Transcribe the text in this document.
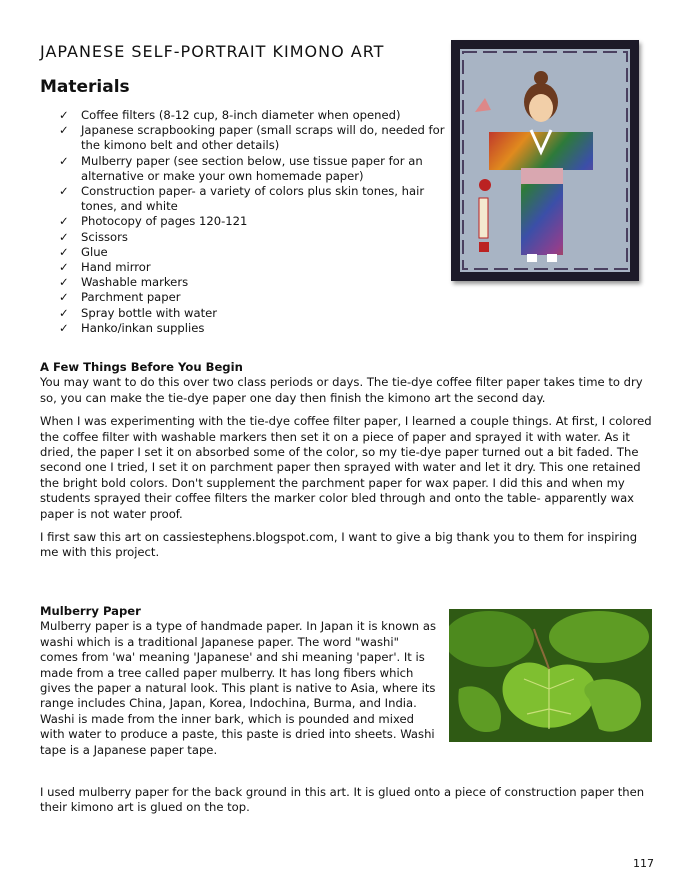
JAPANESE SELF-PORTRAIT KIMONO ART
Materials
✓ Coffee filters (8-12 cup, 8-inch diameter when opened)
✓ Japanese scrapbooking paper (small scraps will do, needed for the kimono belt and other details)
✓ Mulberry paper (see section below, use tissue paper for an alternative or make your own homemade paper)
✓ Construction paper- a variety of colors plus skin tones, hair tones, and white
✓ Photocopy of pages 120-121
✓ Scissors
✓ Glue
✓ Hand mirror
✓ Washable markers
✓ Parchment paper
✓ Spray bottle with water
✓ Hanko/inkan supplies
A Few Things Before You Begin

You may want to do this over two class periods or days. The tie-dye coffee filter paper takes time to dry so, you can make the tie-dye paper one day then finish the kimono art the second day.

When I was experimenting with the tie-dye coffee filter paper, I learned a couple things. At first, I colored the coffee filter with washable markers then set it on a piece of paper and sprayed it with water. As it dried, the paper I set it on absorbed some of the color, so my tie-dye paper turned out a bit faded. The second one I tried, I set it on parchment paper then sprayed with water and let it dry. This one retained the bright bold colors. Don't supplement the parchment paper for wax paper. I did this and when my students sprayed their coffee filters the marker color bled through and onto the table- apparently wax paper is not water proof.

I first saw this art on cassiestephens.blogspot.com, I want to give a big thank you to them for inspiring me with this project.

Mulberry Paper

Mulberry paper is a type of handmade paper. In Japan it is known as washi which is a traditional Japanese paper. The word "washi" comes from 'wa' meaning 'Japanese' and shi meaning 'paper'. It is made from a tree called paper mulberry. It has long fibers which gives the paper a natural look. This plant is native to Asia, where its range includes China, Japan, Korea, Indochina, Burma, and India. Washi is made from the inner bark, which is pounded and mixed with water to produce a paste, this paste is dried into sheets. Washi tape is a Japanese paper tape.

I used mulberry paper for the back ground in this art. It is glued onto a piece of construction paper then their kimono art is glued on the top.

117
